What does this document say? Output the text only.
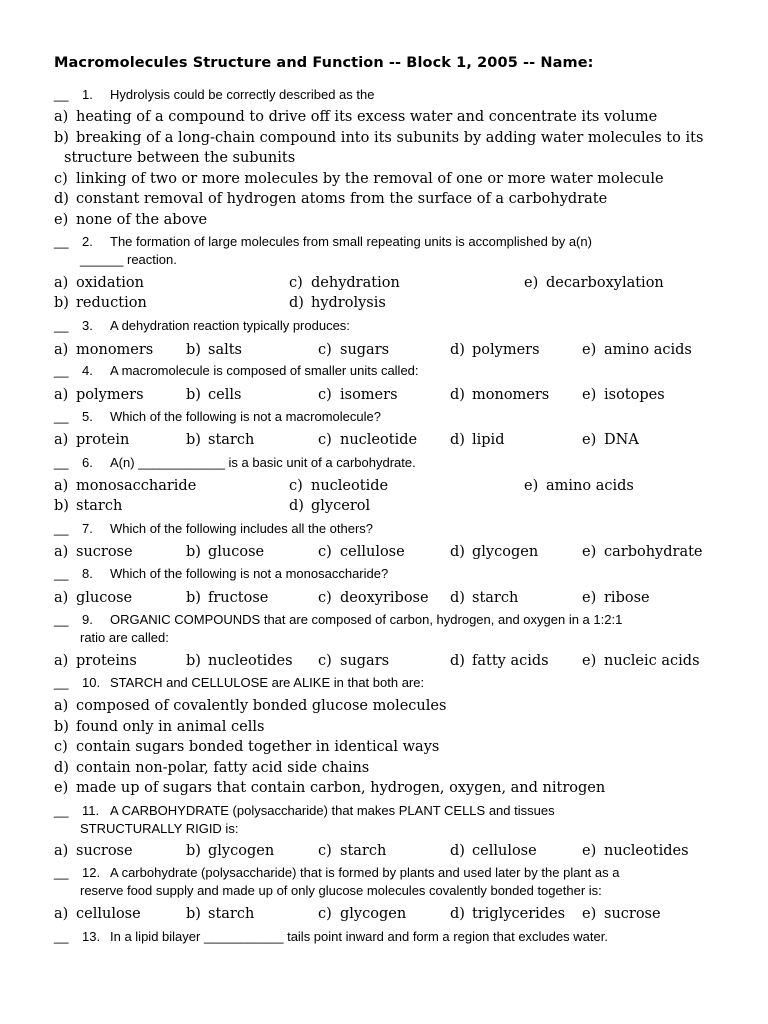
Macromolecules Structure and Function -- Block 1, 2005 -- Name:
__ 1. Hydrolysis could be correctly described as the
a) heating of a compound to drive off its excess water and concentrate its volume
b) breaking of a long-chain compound into its subunits by adding water molecules to its
structure between the subunits
c) linking of two or more molecules by the removal of one or more water molecule
d) constant removal of hydrogen atoms from the surface of a carbohydrate
e) none of the above
__ 2. The formation of large molecules from small repeating units is accomplished by a(n)
______ reaction.
a) oxidation
b) reduction
c) dehydration
d) hydrolysis
e) decarboxylation
__ 3. A dehydration reaction typically produces:
a) monomers b) salts	c) sugars	d) polymers	e) amino acids
__ 4. A macromolecule is composed of smaller units called:
a) polymers	b) cells	c) isomers	d) monomers e) isotopes
__ 5. Which of the following is not a macromolecule?
a) protein	b) starch	c) nucleotide d) lipid	e) DNA
__ 6. A(n) ____________ is a basic unit of a carbohydrate.
a) monosaccharide
b) starch
c) nucleotide
d) glycerol
e) amino acids
__ 7. Which of the following includes all the others?
a) sucrose	b) glucose	c) cellulose	d) glycogen	e) carbohydrate
__ 8. Which of the following is not a monosaccharide?
a) glucose	b) fructose	c) deoxyribose d) starch	e) ribose
__ 9. ORGANIC COMPOUNDS that are composed of carbon, hydrogen, and oxygen in a 1:2:1
ratio are called:
a) proteins	b) nucleotides c) sugars	d) fatty acids e) nucleic acids
__ 10. STARCH and CELLULOSE are ALIKE in that both are:
a) composed of covalently bonded glucose molecules
b) found only in animal cells
c) contain sugars bonded together in identical ways
d) contain non-polar, fatty acid side chains
e) made up of sugars that contain carbon, hydrogen, oxygen, and nitrogen
__ 11. A CARBOHYDRATE (polysaccharide) that makes PLANT CELLS and tissues
STRUCTURALLY RIGID is:
a) sucrose	b) glycogen	c) starch	d) cellulose	e) nucleotides
__ 12. A carbohydrate (polysaccharide) that is formed by plants and used later by the plant as a
reserve food supply and made up of only glucose molecules covalently bonded together is:
a) cellulose	b) starch	c) glycogen	d) triglycerides e) sucrose
__ 13. In a lipid bilayer ___________ tails point inward and form a region that excludes water.
